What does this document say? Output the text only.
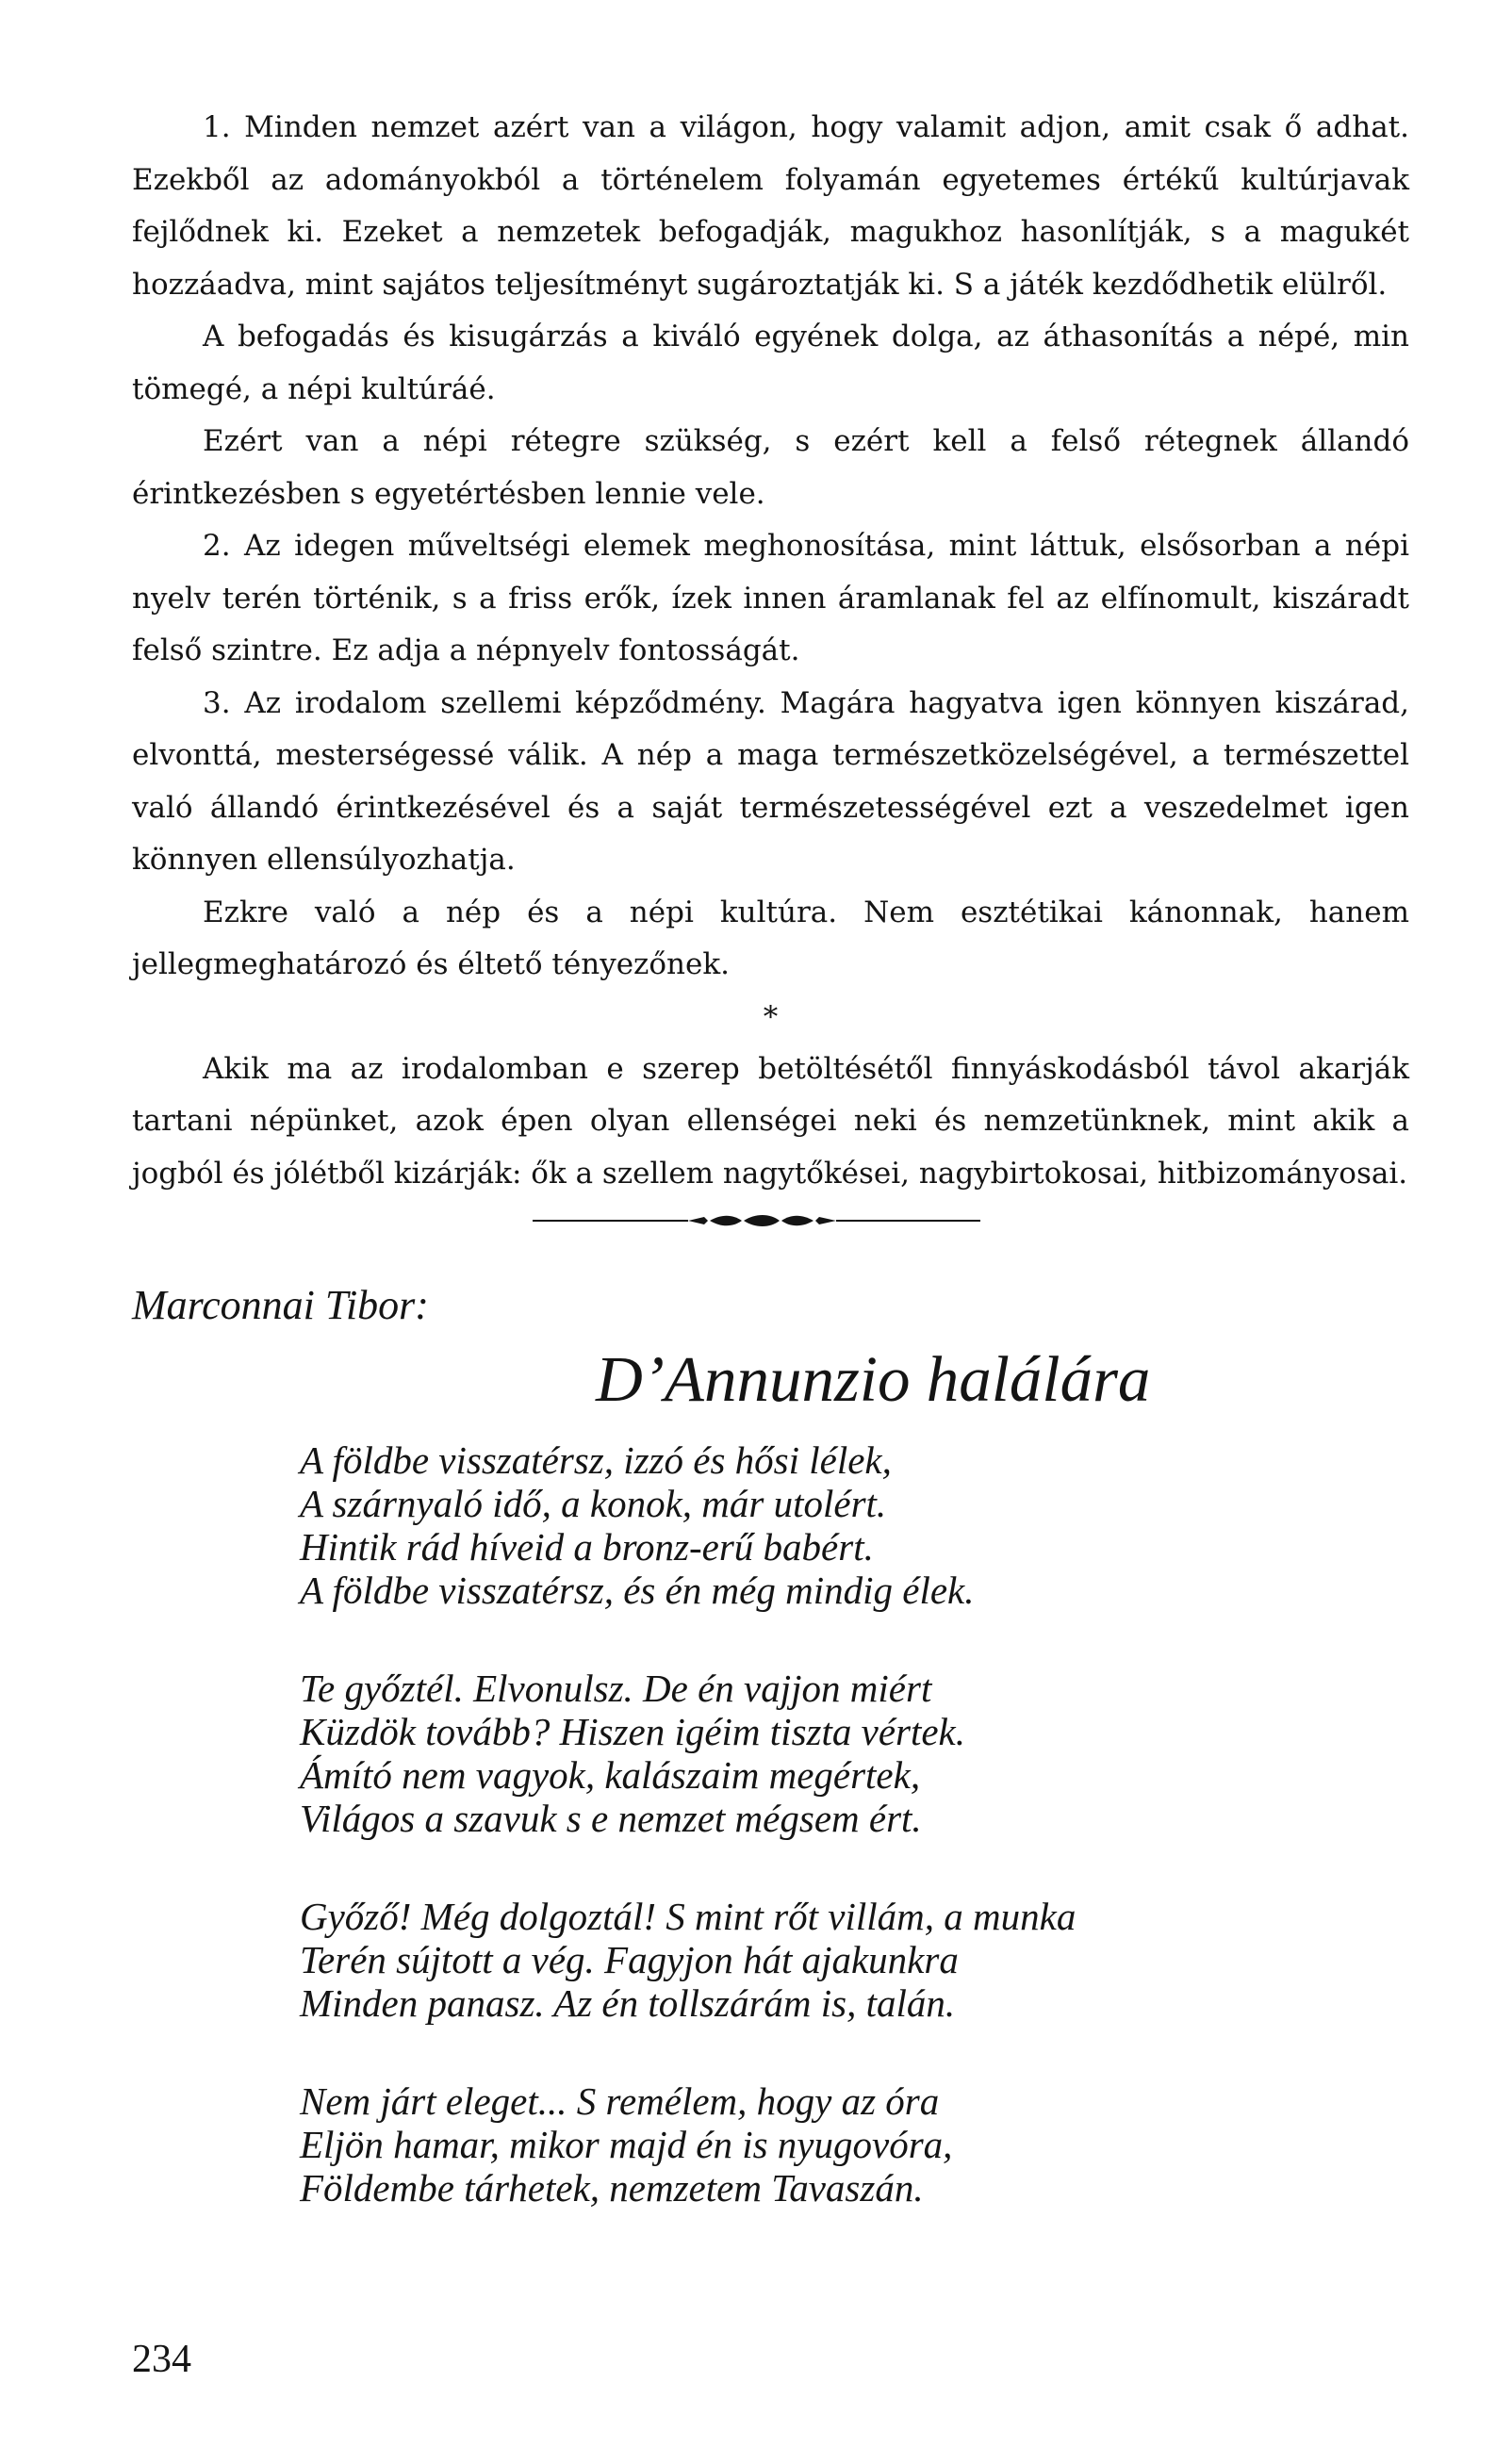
1. Minden nemzet azért van a világon, hogy valamit adjon, amit csak ő adhat. Ezekből az adományokból a történelem folyamán egyetemes értékű kultúrjavak fejlődnek ki. Ezeket a nemzetek befogadják, magukhoz hasonlítják, s a magukét hozzáadva, mint sajátos teljesítményt sugároztatják ki. S a játék kezdődhetik elülről.

A befogadás és kisugárzás a kiváló egyének dolga, az áthasonítás a népé, min tömegé, a népi kultúráé.

Ezért van a népi rétegre szükség, s ezért kell a felső rétegnek állandó érintkezésben s egyetértésben lennie vele.

2. Az idegen műveltségi elemek meghonosítása, mint láttuk, elsősorban a népi nyelv terén történik, s a friss erők, ízek innen áramlanak fel az elfínomult, kiszáradt felső szintre. Ez adja a népnyelv fontosságát.

3. Az irodalom szellemi képződmény. Magára hagyatva igen könnyen kiszárad, elvonttá, mesterségessé válik. A nép a maga természetközelségével, a természettel való állandó érintkezésével és a saját természetességével ezt a veszedelmet igen könnyen ellensúlyozhatja.

Ezkre való a nép és a népi kultúra. Nem esztétikai kánonnak, hanem jellegmeghatározó és éltető tényezőnek.

*

Akik ma az irodalomban e szerep betöltésétől finnyáskodásból távol akarják tartani népünket, azok épen olyan ellenségei neki és nemzetünknek, mint akik a jogból és jólétből kizárják: ők a szellem nagytőkései, nagybirtokosai, hitbizományosai.

Marconnai Tibor:
D’Annunzio halálára
A földbe visszatérsz, izzó és hősi lélek,
A szárnyaló idő, a konok, már utolért.
Hintik rád híveid a bronz-erű babért.
A földbe visszatérsz, és én még mindig élek.
Te győztél. Elvonulsz. De én vajjon miért
Küzdök tovább? Hiszen igéim tiszta vértek.
Ámító nem vagyok, kalászaim megértek,
Világos a szavuk s e nemzet mégsem ért.
Győző! Még dolgoztál! S mint rőt villám, a munka
Terén sújtott a vég. Fagyjon hát ajakunkra
Minden panasz. Az én tollszárám is, talán.
Nem járt eleget... S remélem, hogy az óra
Eljön hamar, mikor majd én is nyugovóra,
Földembe tárhetek, nemzetem Tavaszán.
234
